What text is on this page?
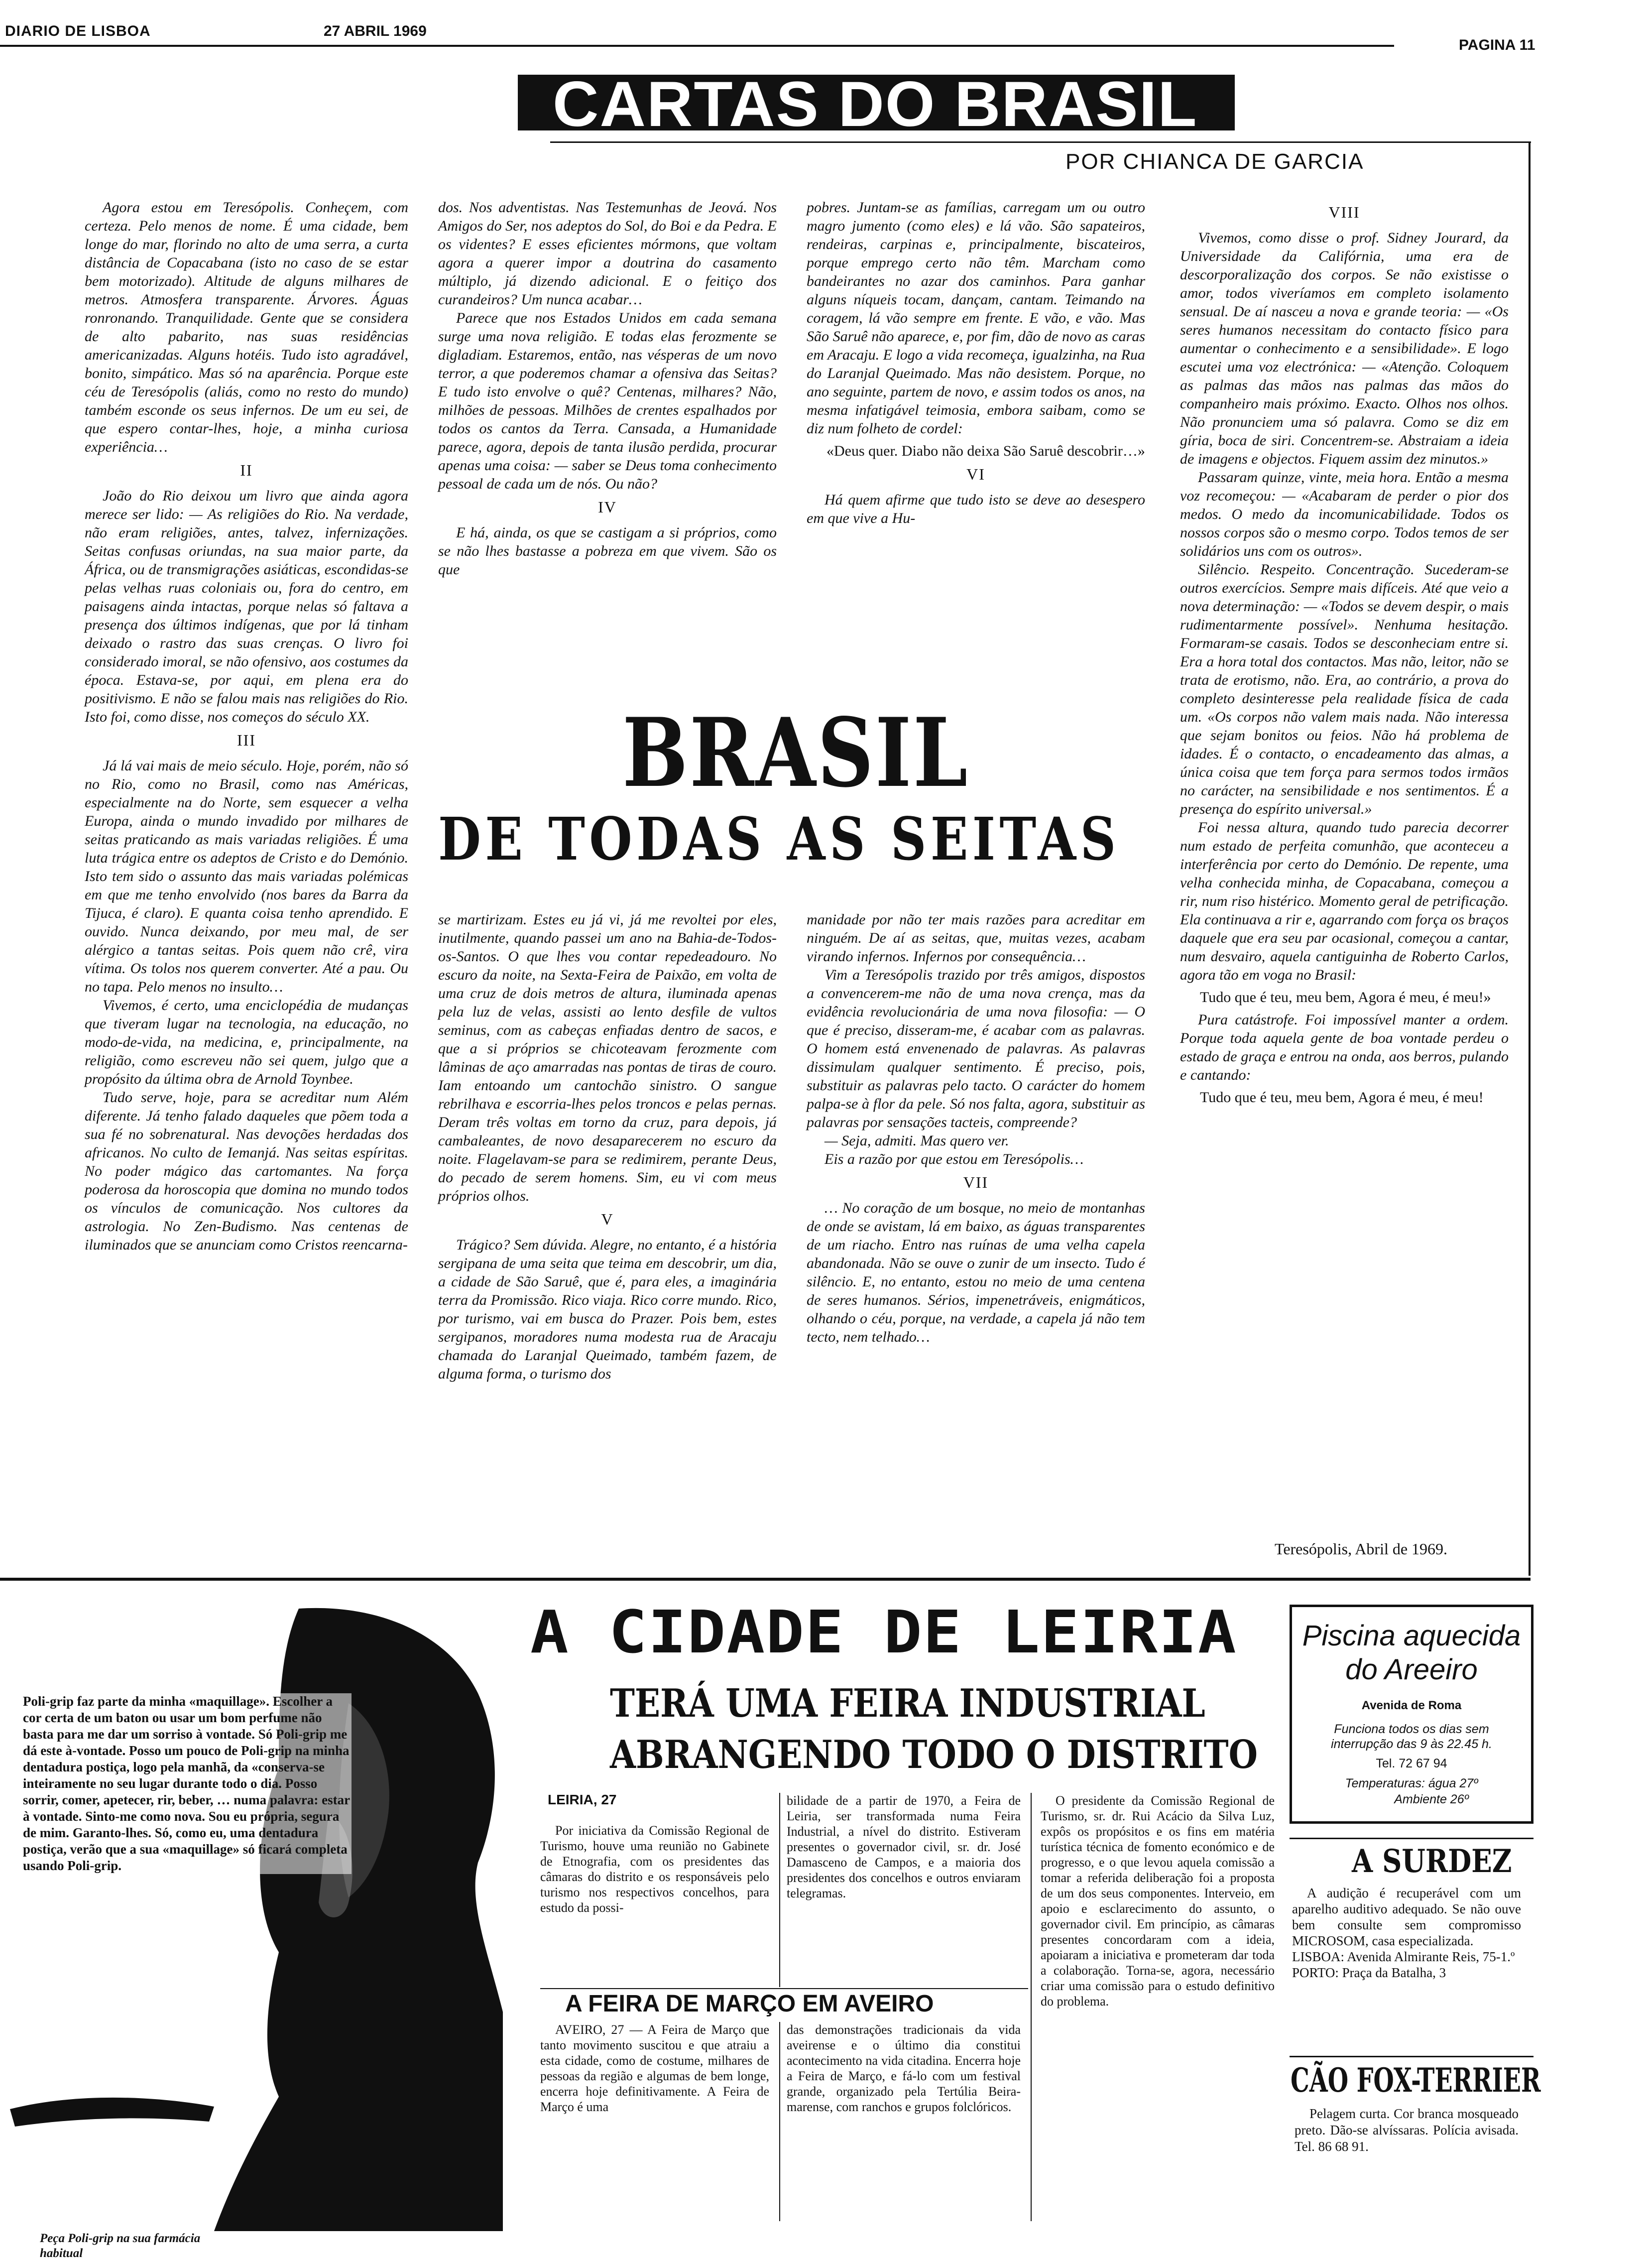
DIARIO DE LISBOA	27 ABRIL 1969
PAGINA 11
CARTAS DO BRASIL
POR CHIANCA DE GARCIA

Agora estou em Teresópolis. Conheçem, com certeza. Pelo menos de nome. É uma cidade, bem longe do mar, florindo no alto de uma serra, a curta distância de Copacabana (isto no caso de se estar bem motorizado). Altitude de alguns milhares de metros. Atmosfera transparente. Árvores. Águas ronronando. Tranquilidade. Gente que se considera de alto pabarito, nas suas residências americanizadas. Alguns hotéis. Tudo isto agradável, bonito, simpático. Mas só na aparência. Porque este céu de Teresópolis (aliás, como no resto do mundo) também esconde os seus infernos. De um eu sei, de que espero contar-lhes, hoje, a minha curiosa experiência…

II

João do Rio deixou um livro que ainda agora merece ser lido: — As religiões do Rio. Na verdade, não eram religiões, antes, talvez, infernizações. Seitas confusas oriundas, na sua maior parte, da África, ou de transmigrações asiáticas, escondidas-se pelas velhas ruas coloniais ou, fora do centro, em paisagens ainda intactas, porque nelas só faltava a presença dos últimos indígenas, que por lá tinham deixado o rastro das suas crenças. O livro foi considerado imoral, se não ofensivo, aos costumes da época. Estava-se, por aqui, em plena era do positivismo. E não se falou mais nas religiões do Rio. Isto foi, como disse, nos começos do século XX.

III

Já lá vai mais de meio século. Hoje, porém, não só no Rio, como no Brasil, como nas Américas, especialmente na do Norte, sem esquecer a velha Europa, ainda o mundo invadido por milhares de seitas praticando as mais variadas religiões. É uma luta trágica entre os adeptos de Cristo e do Demónio. Isto tem sido o assunto das mais variadas polémicas em que me tenho envolvido (nos bares da Barra da Tijuca, é claro). E quanta coisa tenho aprendido. E ouvido. Nunca deixando, por meu mal, de ser alérgico a tantas seitas. Pois quem não crê, vira vítima. Os tolos nos querem converter. Até a pau. Ou no tapa. Pelo menos no insulto…

Vivemos, é certo, uma enciclopédia de mudanças que tiveram lugar na tecnologia, na educação, no modo-de-vida, na medicina, e, principalmente, na religião, como escreveu não sei quem, julgo que a propósito da última obra de Arnold Toynbee.

Tudo serve, hoje, para se acreditar num Além diferente. Já tenho falado daqueles que põem toda a sua fé no sobrenatural. Nas devoções herdadas dos africanos. No culto de Iemanjá. Nas seitas espíritas. No poder mágico das cartomantes. Na força poderosa da horoscopia que domina no mundo todos os vínculos de comunicação. Nos cultores da astrologia. No Zen-Budismo. Nas centenas de iluminados que se anunciam como Cristos reencarna-

dos. Nos adventistas. Nas Testemunhas de Jeová. Nos Amigos do Ser, nos adeptos do Sol, do Boi e da Pedra. E os videntes? E esses eficientes mórmons, que voltam agora a querer impor a doutrina do casamento múltiplo, já dizendo adicional. E o feitiço dos curandeiros? Um nunca acabar…

Parece que nos Estados Unidos em cada semana surge uma nova religião. E todas elas ferozmente se digladiam. Estaremos, então, nas vésperas de um novo terror, a que poderemos chamar a ofensiva das Seitas? E tudo isto envolve o quê? Centenas, milhares? Não, milhões de pessoas. Milhões de crentes espalhados por todos os cantos da Terra. Cansada, a Humanidade parece, agora, depois de tanta ilusão perdida, procurar apenas uma coisa: — saber se Deus toma conhecimento pessoal de cada um de nós. Ou não?

IV

E há, ainda, os que se castigam a si próprios, como se não lhes bastasse a pobreza em que vivem. São os que

pobres. Juntam-se as famílias, carregam um ou outro magro jumento (como eles) e lá vão. São sapateiros, rendeiras, carpinas e, principalmente, biscateiros, porque emprego certo não têm. Marcham como bandeirantes no azar dos caminhos. Para ganhar alguns níqueis tocam, dançam, cantam. Teimando na coragem, lá vão sempre em frente. E vão, e vão. Mas São Saruê não aparece, e, por fim, dão de novo as caras em Aracaju. E logo a vida recomeça, igualzinha, na Rua do Laranjal Queimado. Mas não desistem. Porque, no ano seguinte, partem de novo, e assim todos os anos, na mesma infatigável teimosia, embora saibam, como se diz num folheto de cordel:

«Deus quer. Diabo não deixa São Saruê descobrir…»

VI

Há quem afirme que tudo isto se deve ao desespero em que vive a Hu-

BRASIL
DE TODAS AS SEITAS

se martirizam. Estes eu já vi, já me revoltei por eles, inutilmente, quando passei um ano na Bahia-de-Todos-os-Santos. O que lhes vou contar repedeadouro. No escuro da noite, na Sexta-Feira de Paixão, em volta de uma cruz de dois metros de altura, iluminada apenas pela luz de velas, assisti ao lento desfile de vultos seminus, com as cabeças enfiadas dentro de sacos, e que a si próprios se chicoteavam ferozmente com lâminas de aço amarradas nas pontas de tiras de couro. Iam entoando um cantochão sinistro. O sangue rebrilhava e escorria-lhes pelos troncos e pelas pernas. Deram três voltas em torno da cruz, para depois, já cambaleantes, de novo desaparecerem no escuro da noite. Flagelavam-se para se redimirem, perante Deus, do pecado de serem homens. Sim, eu vi com meus próprios olhos.

V

Trágico? Sem dúvida. Alegre, no entanto, é a história sergipana de uma seita que teima em descobrir, um dia, a cidade de São Saruê, que é, para eles, a imaginária terra da Promissão. Rico viaja. Rico corre mundo. Rico, por turismo, vai em busca do Prazer. Pois bem, estes sergipanos, moradores numa modesta rua de Aracaju chamada do Laranjal Queimado, também fazem, de alguma forma, o turismo dos

manidade por não ter mais razões para acreditar em ninguém. De aí as seitas, que, muitas vezes, acabam virando infernos. Infernos por consequência…

Vim a Teresópolis trazido por três amigos, dispostos a convencerem-me não de uma nova crença, mas da evidência revolucionária de uma nova filosofia: — O que é preciso, disseram-me, é acabar com as palavras. O homem está envenenado de palavras. As palavras dissimulam qualquer sentimento. É preciso, pois, substituir as palavras pelo tacto. O carácter do homem palpa-se à flor da pele. Só nos falta, agora, substituir as palavras por sensações tacteis, compreende?

— Seja, admiti. Mas quero ver.

Eis a razão por que estou em Teresópolis…

VII

… No coração de um bosque, no meio de montanhas de onde se avistam, lá em baixo, as águas transparentes de um riacho. Entro nas ruínas de uma velha capela abandonada. Não se ouve o zunir de um insecto. Tudo é silêncio. E, no entanto, estou no meio de uma centena de seres humanos. Sérios, impenetráveis, enigmáticos, olhando o céu, porque, na verdade, a capela já não tem tecto, nem telhado…

VIII

Vivemos, como disse o prof. Sidney Jourard, da Universidade da Califórnia, uma era de descorporalização dos corpos. Se não existisse o amor, todos viveríamos em completo isolamento sensual. De aí nasceu a nova e grande teoria: — «Os seres humanos necessitam do contacto físico para aumentar o conhecimento e a sensibilidade». E logo escutei uma voz electrónica: — «Atenção. Coloquem as palmas das mãos nas palmas das mãos do companheiro mais próximo. Exacto. Olhos nos olhos. Não pronunciem uma só palavra. Como se diz em gíria, boca de siri. Concentrem-se. Abstraiam a ideia de imagens e objectos. Fiquem assim dez minutos.»

Passaram quinze, vinte, meia hora. Então a mesma voz recomeçou: — «Acabaram de perder o pior dos medos. O medo da incomunicabilidade. Todos os nossos corpos são o mesmo corpo. Todos temos de ser solidários uns com os outros».

Silêncio. Respeito. Concentração. Sucederam-se outros exercícios. Sempre mais difíceis. Até que veio a nova determinação: — «Todos se devem despir, o mais rudimentarmente possível». Nenhuma hesitação. Formaram-se casais. Todos se desconheciam entre si. Era a hora total dos contactos. Mas não, leitor, não se trata de erotismo, não. Era, ao contrário, a prova do completo desinteresse pela realidade física de cada um. «Os corpos não valem mais nada. Não interessa que sejam bonitos ou feios. Não há problema de idades. É o contacto, o encadeamento das almas, a única coisa que tem força para sermos todos irmãos no carácter, na sensibilidade e nos sentimentos. É a presença do espírito universal.»

Foi nessa altura, quando tudo parecia decorrer num estado de perfeita comunhão, que aconteceu a interferência por certo do Demónio. De repente, uma velha conhecida minha, de Copacabana, começou a rir, num riso histérico. Momento geral de petrificação. Ela continuava a rir e, agarrando com força os braços daquele que era seu par ocasional, começou a cantar, num desvairo, aquela cantiguinha de Roberto Carlos, agora tão em voga no Brasil:

Tudo que é teu, meu bem, Agora é meu, é meu!»

Pura catástrofe. Foi impossível manter a ordem. Porque toda aquela gente de boa vontade perdeu o estado de graça e entrou na onda, aos berros, pulando e cantando:

Tudo que é teu, meu bem, Agora é meu, é meu!

Teresópolis, Abril de 1969.
Poli-grip faz parte da minha «maquillage». Escolher a cor certa de um baton ou usar um bom perfume não basta para me dar um sorriso à vontade. Só Poli-grip me dá este à-vontade. Posso um pouco de Poli-grip na minha dentadura postiça, logo pela manhã, da «conserva-se inteiramente no seu lugar durante todo o dia. Posso sorrir, comer, apetecer, rir, beber, … numa palavra: estar à vontade. Sinto-me como nova. Sou eu própria, segura de mim. Garanto-lhes. Só, como eu, uma dentadura postiça, verão que a sua «maquillage» só ficará completa usando Poli-grip.
Peça Poli-grip na sua farmácia habitual
A CIDADE DE LEIRIA
TERÁ UMA FEIRA INDUSTRIAL
ABRANGENDO TODO O DISTRITO
LEIRIA, 27

Por iniciativa da Comissão Regional de Turismo, houve uma reunião no Gabinete de Etnografia, com os presidentes das câmaras do distrito e os responsáveis pelo turismo nos respectivos concelhos, para estudo da possi-

bilidade de a partir de 1970, a Feira de Leiria, ser transformada numa Feira Industrial, a nível do distrito. Estiveram presentes o governador civil, sr. dr. José Damasceno de Campos, e a maioria dos presidentes dos concelhos e outros enviaram telegramas.

O presidente da Comissão Regional de Turismo, sr. dr. Rui Acácio da Silva Luz, expôs os propósitos e os fins em matéria turística técnica de fomento económico e de progresso, e o que levou aquela comissão a tomar a referida deliberação foi a proposta de um dos seus componentes. Interveio, em apoio e esclarecimento do assunto, o governador civil. Em princípio, as câmaras presentes concordaram com a ideia, apoiaram a iniciativa e prometeram dar toda a colaboração. Torna-se, agora, necessário criar uma comissão para o estudo definitivo do problema.

A FEIRA DE MARÇO EM AVEIRO

AVEIRO, 27 — A Feira de Março que tanto movimento suscitou e que atraiu a esta cidade, como de costume, milhares de pessoas da região e algumas de bem longe, encerra hoje definitivamente. A Feira de Março é uma

das demonstrações tradicionais da vida aveirense e o último dia constitui acontecimento na vida citadina. Encerra hoje a Feira de Março, e fá-lo com um festival grande, organizado pela Tertúlia Beira-marense, com ranchos e grupos folclóricos.

Piscina aquecida
do Areeiro
Avenida de Roma
Funciona todos os dias sem interrupção das 9 às 22.45 h.
Tel. 72 67 94
Temperaturas: água 27º
Ambiente 26º
A SURDEZ

A audição é recuperável com um aparelho auditivo adequado. Se não ouve bem consulte sem compromisso MICROSOM, casa especializada.

LISBOA: Avenida Almirante Reis, 75-1.º

PORTO: Praça da Batalha, 3

CÃO FOX-TERRIER

Pelagem curta. Cor branca mosqueado preto. Dão-se alvíssaras. Polícia avisada. Tel. 86 68 91.
